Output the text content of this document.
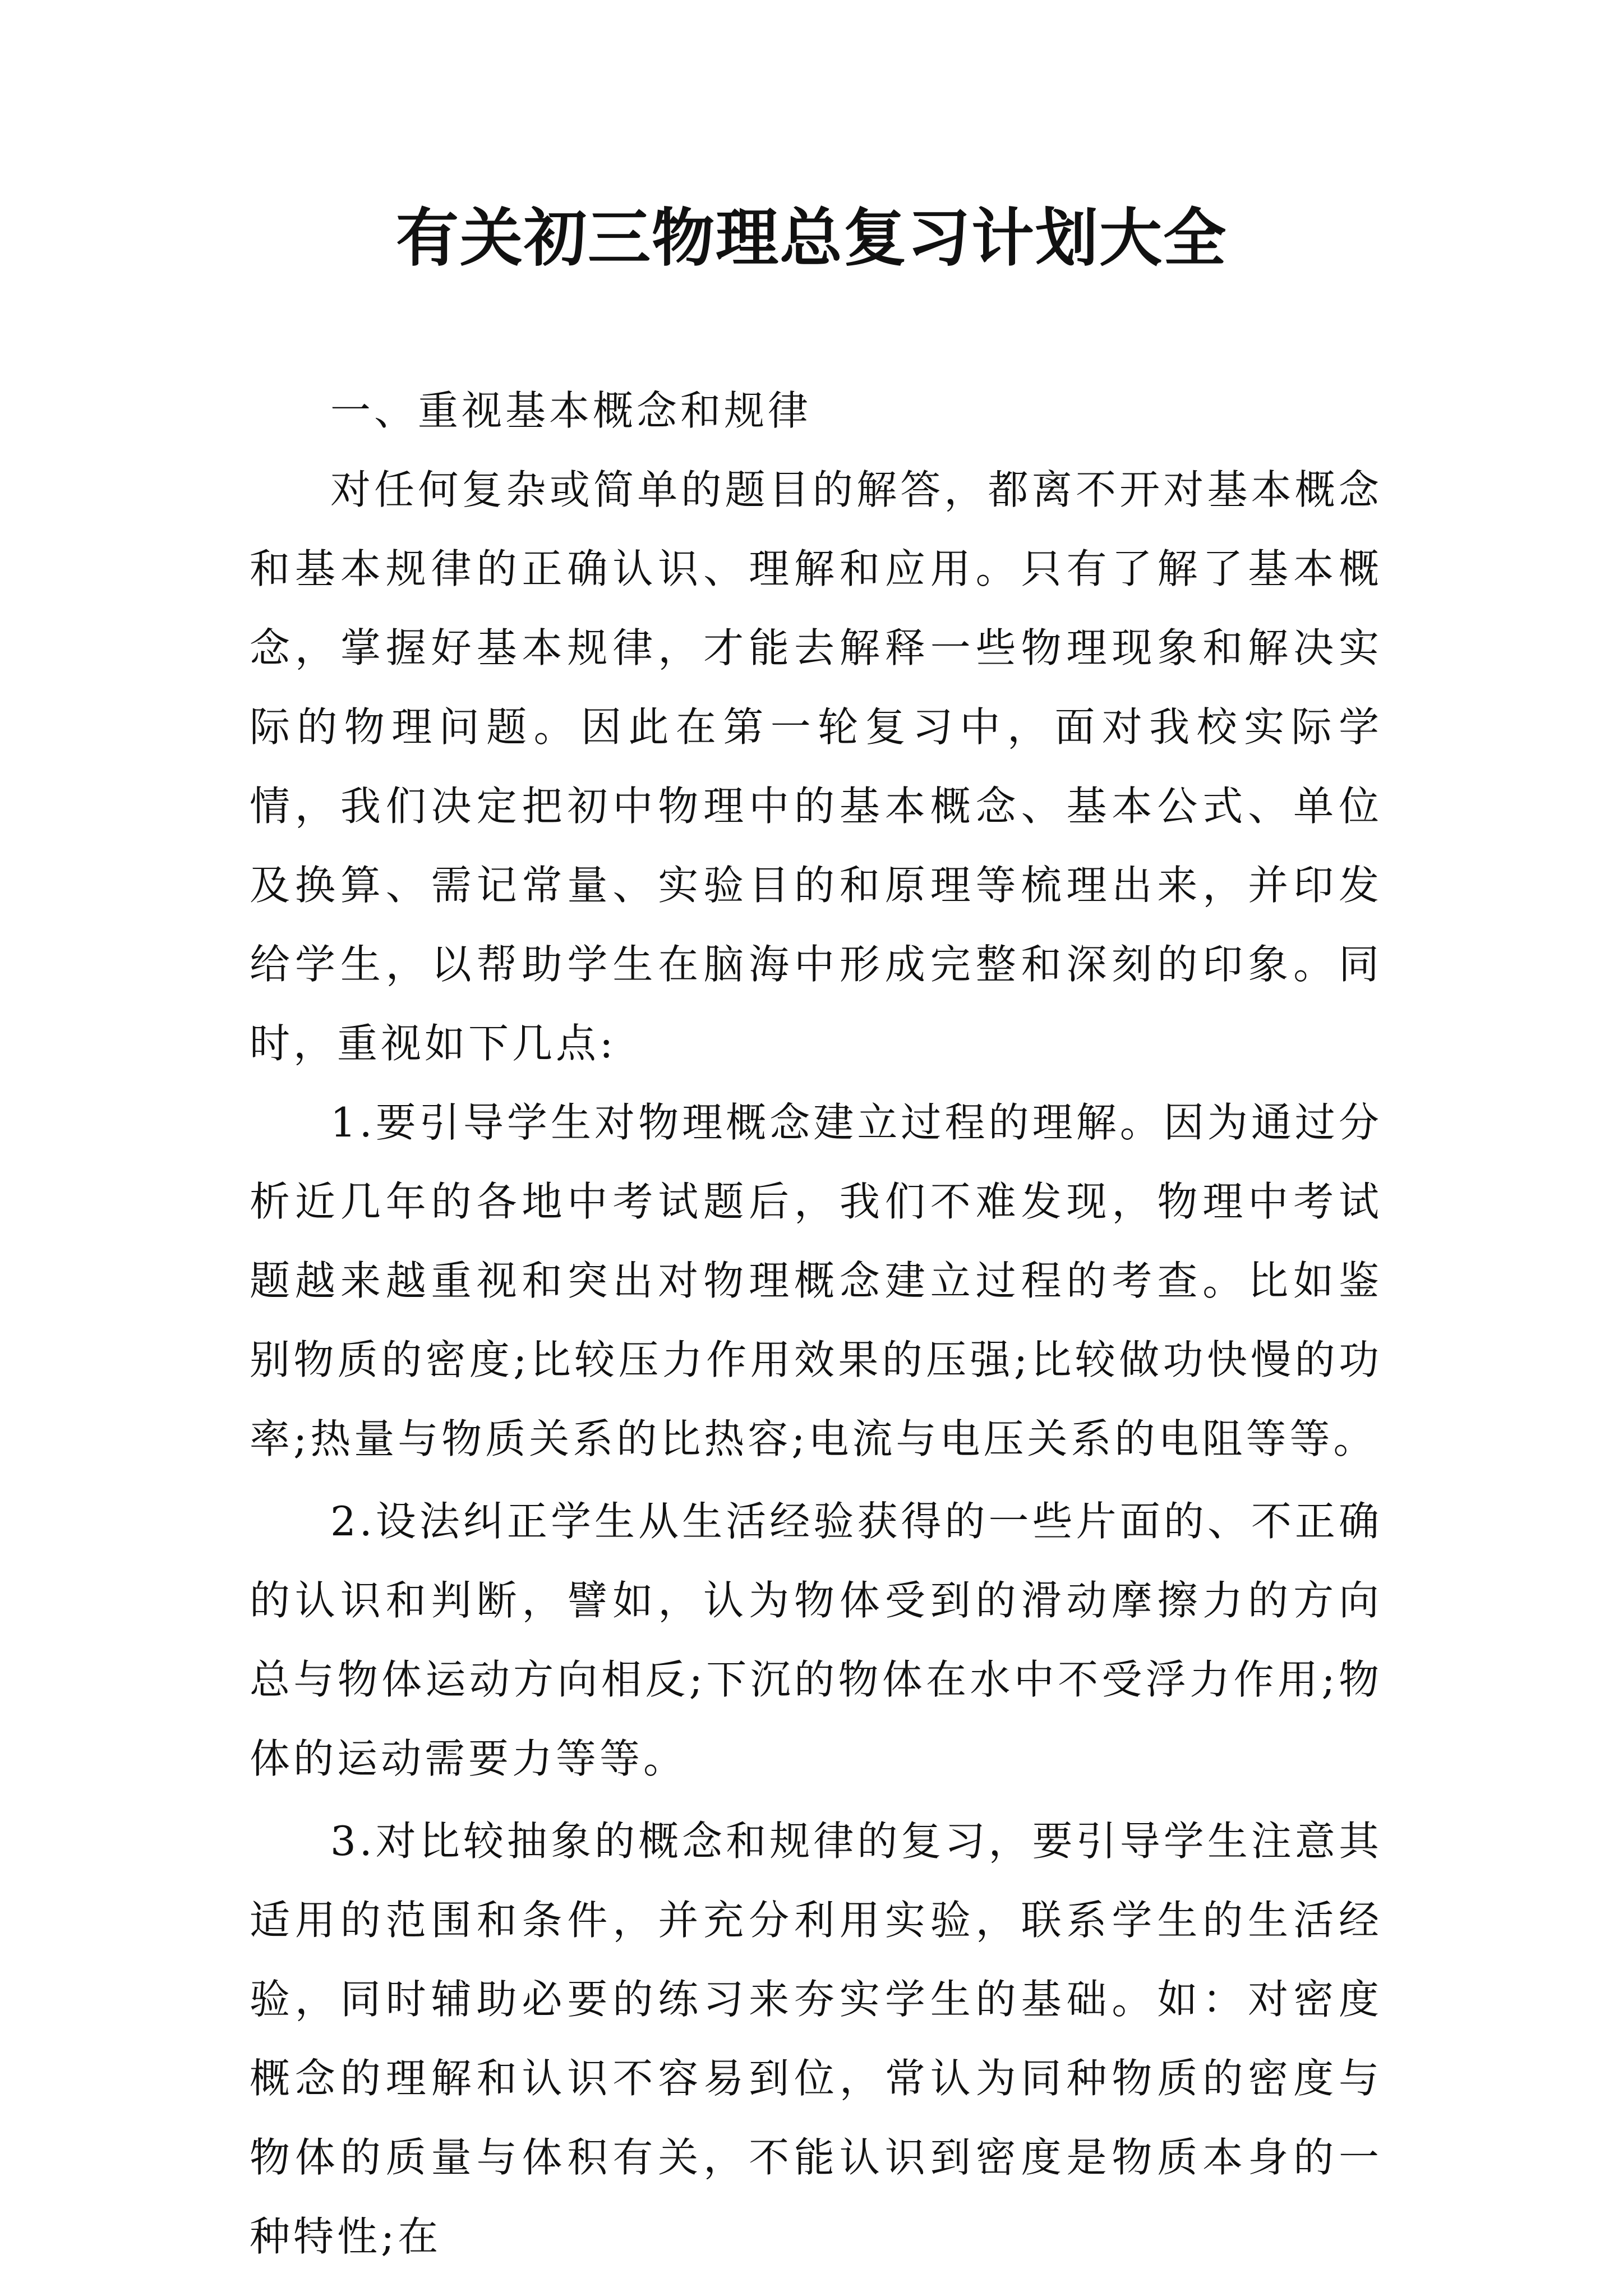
有关初三物理总复习计划大全

一、重视基本概念和规律

对任何复杂或简单的题目的解答，都离不开对基本概念和基本规律的正确认识、理解和应用。只有了解了基本概念，掌握好基本规律，才能去解释一些物理现象和解决实际的物理问题。因此在第一轮复习中，面对我校实际学情，我们决定把初中物理中的基本概念、基本公式、单位及换算、需记常量、实验目的和原理等梳理出来，并印发给学生，以帮助学生在脑海中形成完整和深刻的印象。同时，重视如下几点:

1.要引导学生对物理概念建立过程的理解。因为通过分析近几年的各地中考试题后，我们不难发现，物理中考试题越来越重视和突出对物理概念建立过程的考查。比如鉴别物质的密度;比较压力作用效果的压强;比较做功快慢的功率;热量与物质关系的比热容;电流与电压关系的电阻等等。

2.设法纠正学生从生活经验获得的一些片面的、不正确的认识和判断，譬如，认为物体受到的滑动摩擦力的方向总与物体运动方向相反;下沉的物体在水中不受浮力作用;物体的运动需要力等等。

3.对比较抽象的概念和规律的复习，要引导学生注意其适用的范围和条件，并充分利用实验，联系学生的生活经验，同时辅助必要的练习来夯实学生的基础。如：对密度概念的理解和认识不容易到位，常认为同种物质的密度与物体的质量与体积有关，不能认识到密度是物质本身的一种特性;在
